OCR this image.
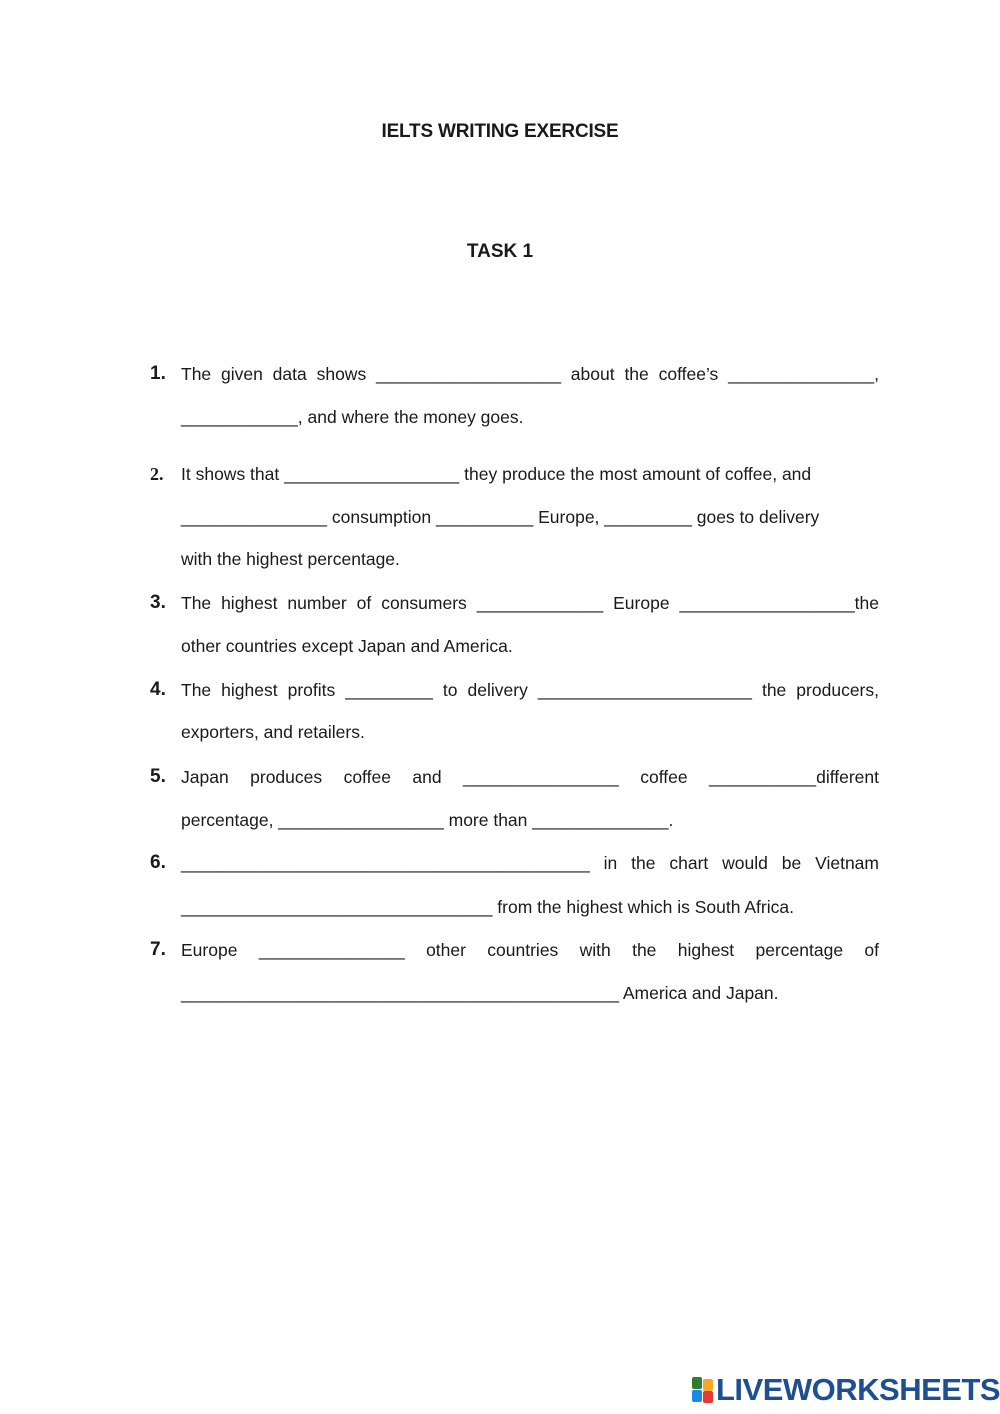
IELTS WRITING EXERCISE
TASK 1
1. The given data shows ___________________ about the coffee’s _______________,
____________, and where the money goes.
2. It shows that __________________ they produce the most amount of coffee, and
_______________ consumption __________ Europe, _________ goes to delivery
with the highest percentage.
3. The highest number of consumers _____________ Europe __________________the
other countries except Japan and America.
4. The highest profits _________ to delivery ______________________ the producers,
exporters, and retailers.
5. Japan produces coffee and ________________ coffee ___________different
percentage, _________________ more than ______________.
6. __________________________________________ in the chart would be Vietnam
________________________________ from the highest which is South Africa.
7. Europe _______________ other countries with the highest percentage of
_____________________________________________ America and Japan.
LIVEWORKSHEETS
